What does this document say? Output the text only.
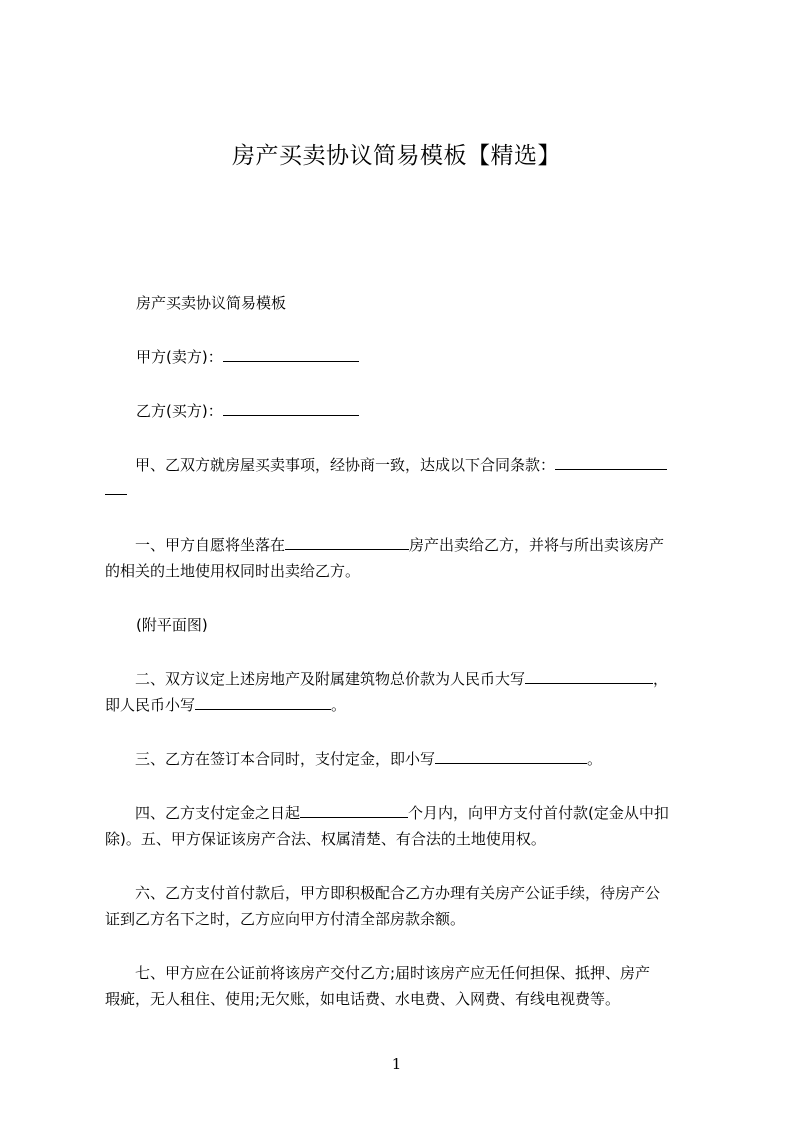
房产买卖协议简易模板【精选】
房产买卖协议简易模板
甲方(卖方)：
乙方(买方)：
甲、乙双方就房屋买卖事项，经协商一致，达成以下合同条款：
一、甲方自愿将坐落在	房产出卖给乙方，并将与所出卖该房产
的相关的土地使用权同时出卖给乙方。
(附平面图)
二、双方议定上述房地产及附属建筑物总价款为人民币大写	，
即人民币小写	。
三、乙方在签订本合同时，支付定金，即小写	。
四、乙方支付定金之日起	个月内，向甲方支付首付款(定金从中扣
除)。五、甲方保证该房产合法、权属清楚、有合法的土地使用权。
六、乙方支付首付款后，甲方即积极配合乙方办理有关房产公证手续，待房产公
证到乙方名下之时，乙方应向甲方付清全部房款余额。
七、甲方应在公证前将该房产交付乙方;届时该房产应无任何担保、抵押、房产
瑕疵，无人租住、使用;无欠账，如电话费、水电费、入网费、有线电视费等。
1
